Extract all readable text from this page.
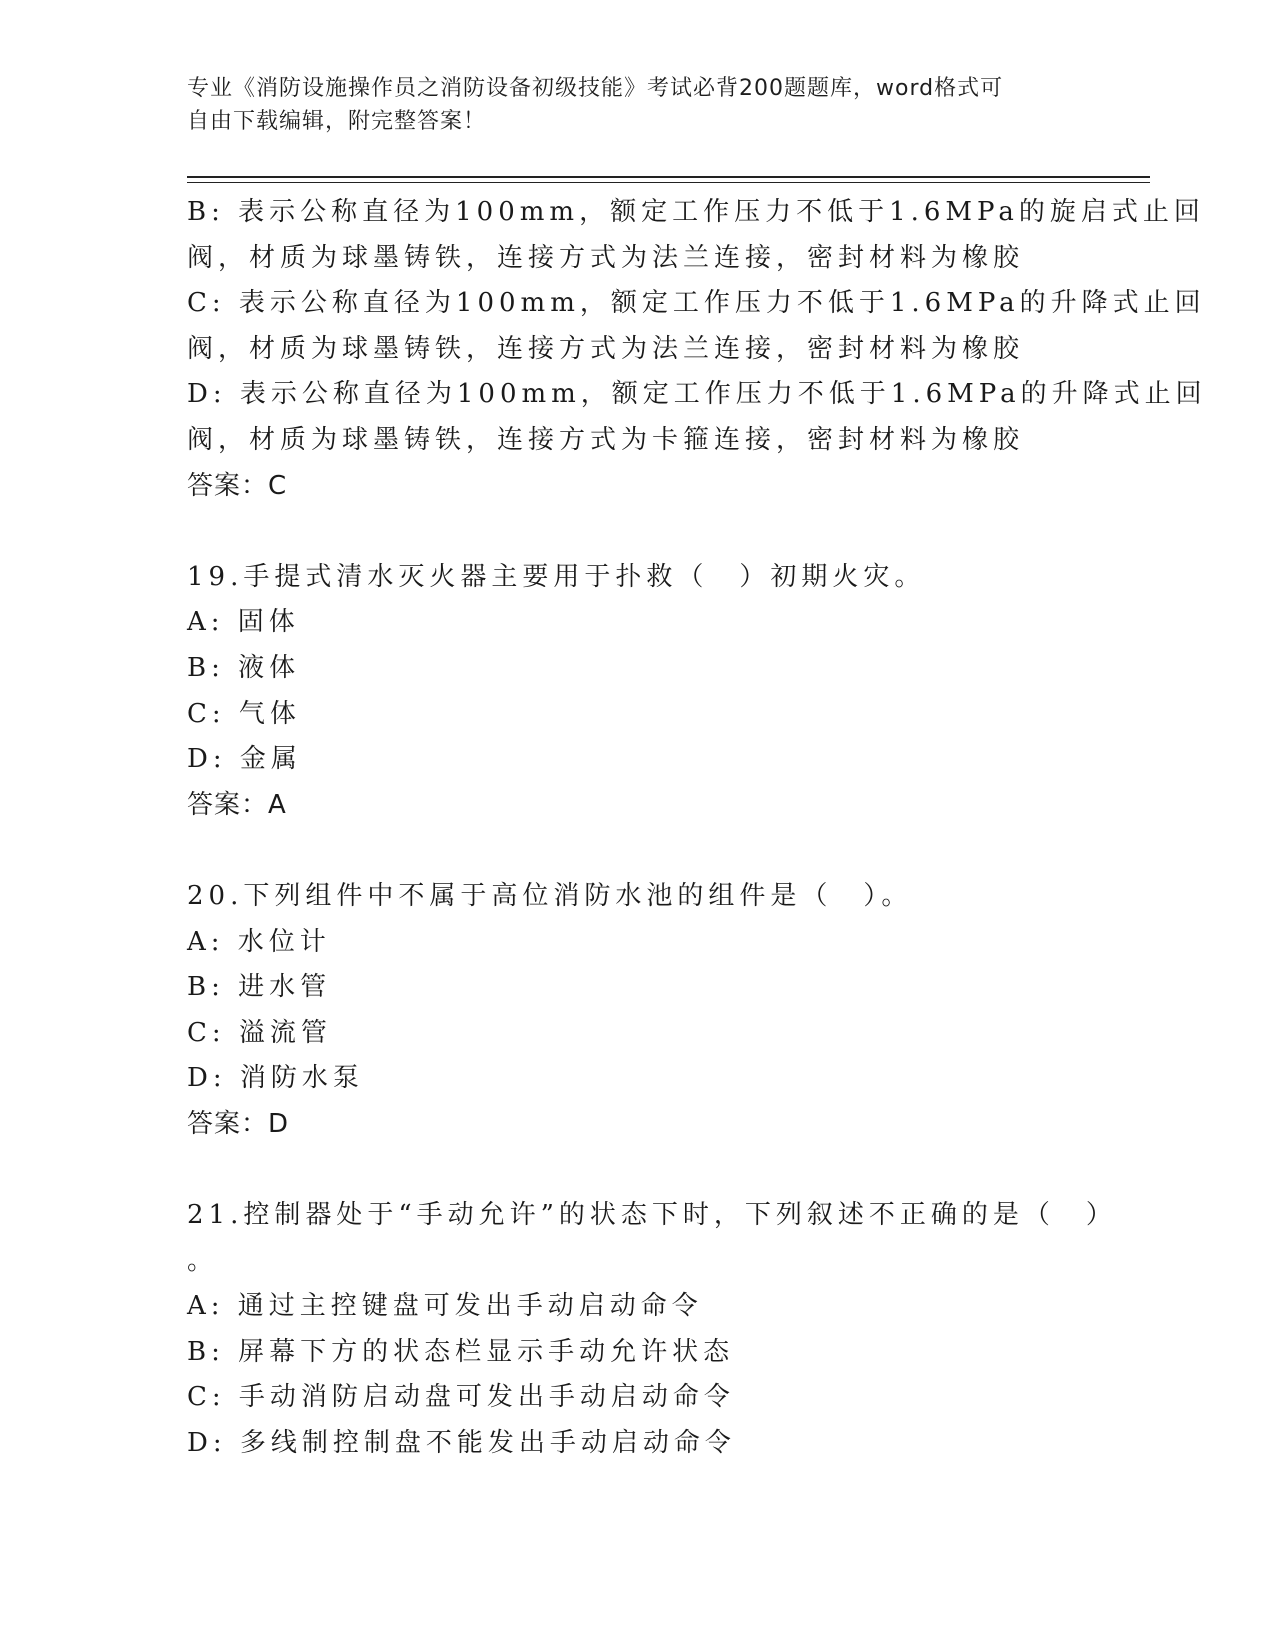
专业《消防设施操作员之消防设备初级技能》考试必背200题题库，word格式可
自由下载编辑，附完整答案！
B: 表示公称直径为100mm，额定工作压力不低于1.6MPa的旋启式止回
阀，材质为球墨铸铁，连接方式为法兰连接，密封材料为橡胶
C: 表示公称直径为100mm，额定工作压力不低于1.6MPa的升降式止回
阀，材质为球墨铸铁，连接方式为法兰连接，密封材料为橡胶
D: 表示公称直径为100mm，额定工作压力不低于1.6MPa的升降式止回
阀，材质为球墨铸铁，连接方式为卡箍连接，密封材料为橡胶
答案：C
19.手提式清水灭火器主要用于扑救（　）初期火灾。
A: 固体
B: 液体
C: 气体
D: 金属
答案：A
20.下列组件中不属于高位消防水池的组件是（　）。
A: 水位计
B: 进水管
C: 溢流管
D: 消防水泵
答案：D
21.控制器处于“手动允许”的状态下时，下列叙述不正确的是（　）
。
A: 通过主控键盘可发出手动启动命令
B: 屏幕下方的状态栏显示手动允许状态
C: 手动消防启动盘可发出手动启动命令
D: 多线制控制盘不能发出手动启动命令
